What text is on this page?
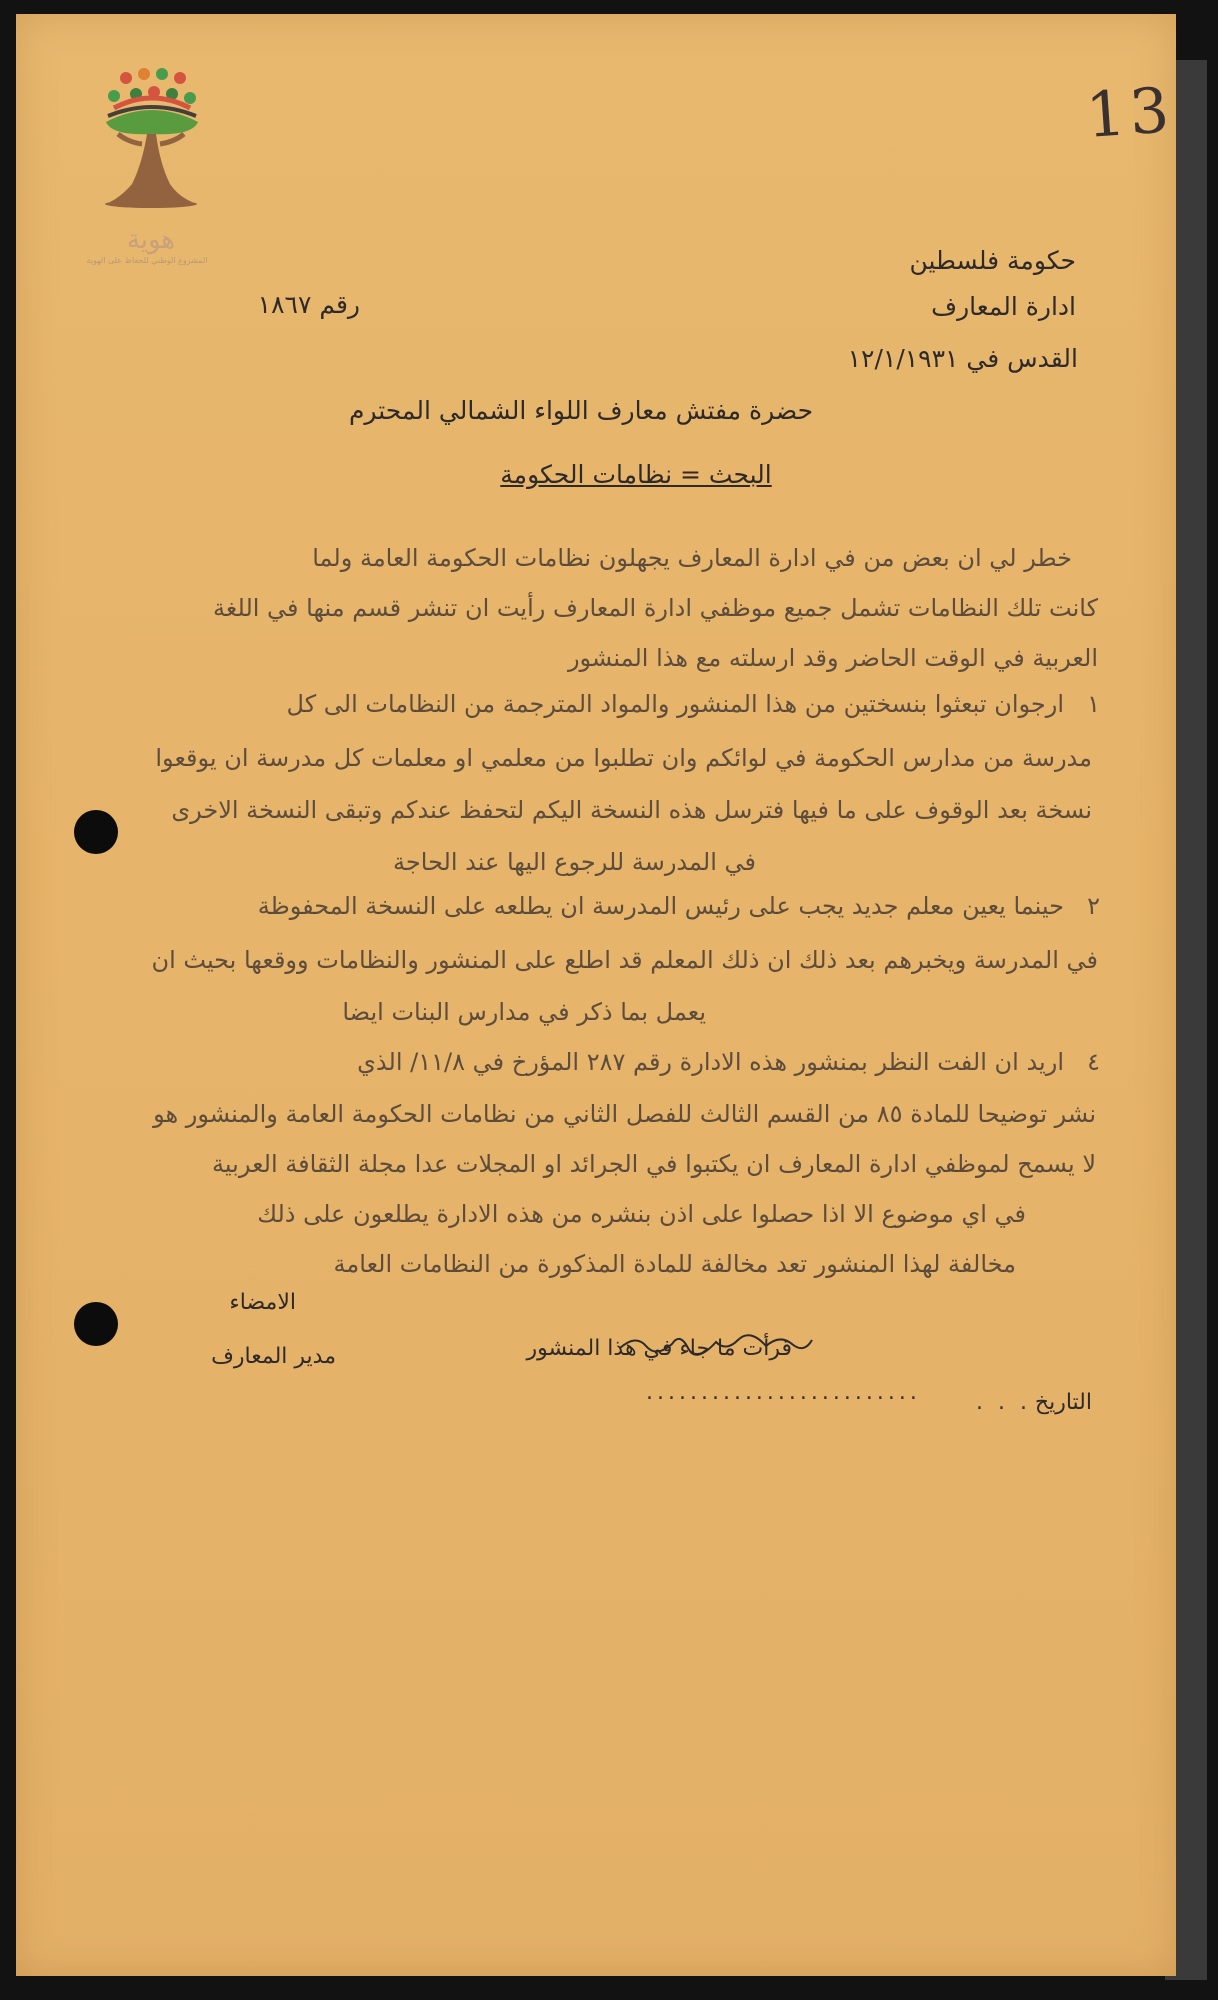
13
هوية
المشروع الوطني للحفاظ على الهوية	حكومة فلسطين
ادارة المعارف
القدس في ١٢/١/١٩٣١
رقم ١٨٦٧
حضرة مفتش معارف اللواء الشمالي المحترم
البحث = نظامات الحكومة
خطر لي ان بعض من في ادارة المعارف يجهلون نظامات الحكومة العامة ولما
كانت تلك النظامات تشمل جميع موظفي ادارة المعارف رأيت ان تنشر قسم منها في اللغة
العربية في الوقت الحاضر وقد ارسلته مع هذا المنشور
١
ارجوان تبعثوا بنسختين من هذا المنشور والمواد المترجمة من النظامات الى كل
مدرسة من مدارس الحكومة في لوائكم وان تطلبوا من معلمي او معلمات كل مدرسة ان يوقعوا
نسخة بعد الوقوف على ما فيها فترسل هذه النسخة اليكم لتحفظ عندكم وتبقى النسخة الاخرى
في المدرسة للرجوع اليها عند الحاجة
٢
حينما يعين معلم جديد يجب على رئيس المدرسة ان يطلعه على النسخة المحفوظة
في المدرسة ويخبرهم بعد ذلك ان ذلك المعلم قد اطلع على المنشور والنظامات ووقعها بحيث ان
يعمل بما ذكر في مدارس البنات ايضا
٤
اريد ان الفت النظر بمنشور هذه الادارة رقم ٢٨٧ المؤرخ في ١١/٨/ الذي
نشر توضيحا للمادة ٨٥ من القسم الثالث للفصل الثاني من نظامات الحكومة العامة والمنشور هو
لا يسمح لموظفي ادارة المعارف ان يكتبوا في الجرائد او المجلات عدا مجلة الثقافة العربية
في اي موضوع الا اذا حصلوا على اذن بنشره من هذه الادارة يطلعون على ذلك
مخالفة لهذا المنشور تعد مخالفة للمادة المذكورة من النظامات العامة
الامضاء
مدير المعارف	قرأت ما جاء في هذا المنشور
التاريخ
.........................	. . .
